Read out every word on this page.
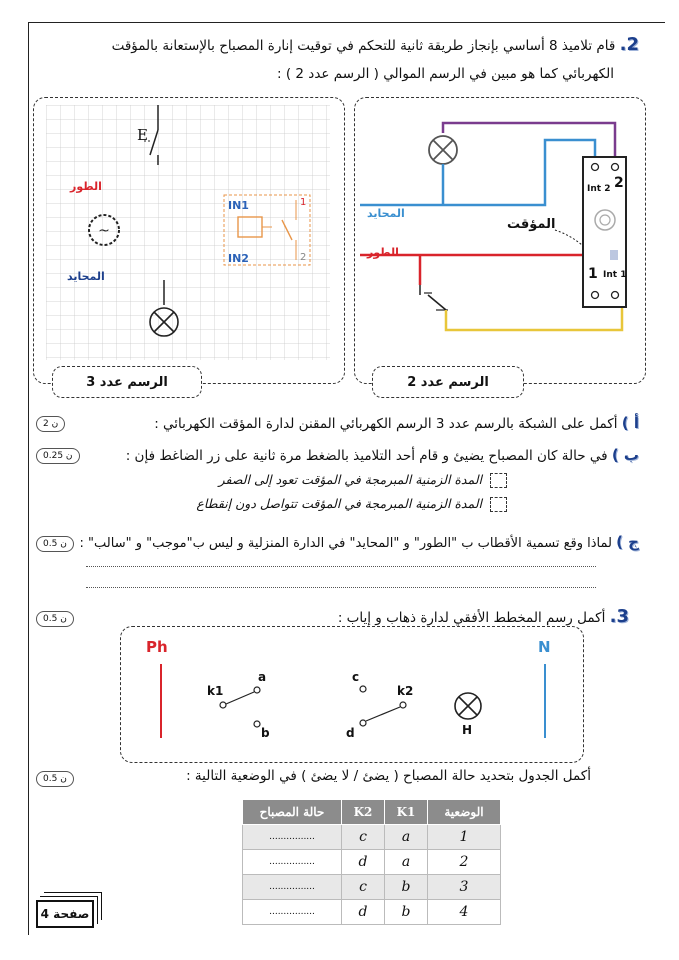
2. قام تلاميذ 8 أساسي بإنجاز طريقة ثانية للتحكم في توقيت إنارة المصباح بالإستعانة بالمؤقت
الكهربائي كما هو مبين في الرسم الموالي ( الرسم عدد 2 ) :
~
E
الطور
المحايد
IN1
IN2
1
2
الرسم عدد 3
المحايد
الطور
المؤقت
Int 2 2
Int 1
1
الرسم عدد 2
2 ن	أ ) أكمل على الشبكة بالرسم عدد 3 الرسم الكهربائي المقنن لدارة المؤقت الكهربائي :
0.25 ن	ب ) في حالة كان المصباح يضيئ و قام أحد التلاميذ بالضغط مرة ثانية على زر الضاغط فإن :
المدة الزمنية المبرمجة في المؤقت تعود إلى الصفر
المدة الزمنية المبرمجة في المؤقت تتواصل دون إنقطاع
0.5 ن	ج ) لماذا وقع تسمية الأقطاب ب "الطور" و "المحايد" في الدارة المنزلية و ليس ب"موجب" و "سالب" :
0.5 ن	3. أكمل رسم المخطط الأفقي لدارة ذهاب و إياب :
Ph	N
k1
a
b
c
d
k2
H
0.5 ن	أكمل الجدول بتحديد حالة المصباح ( يضئ / لا يضئ ) في الوضعية التالية :
الوضعية	K1	K2	حالة المصباح
1	a	c	................
2	a	d	................
3	b	c	................
4	b	d	................
صفحة 4
